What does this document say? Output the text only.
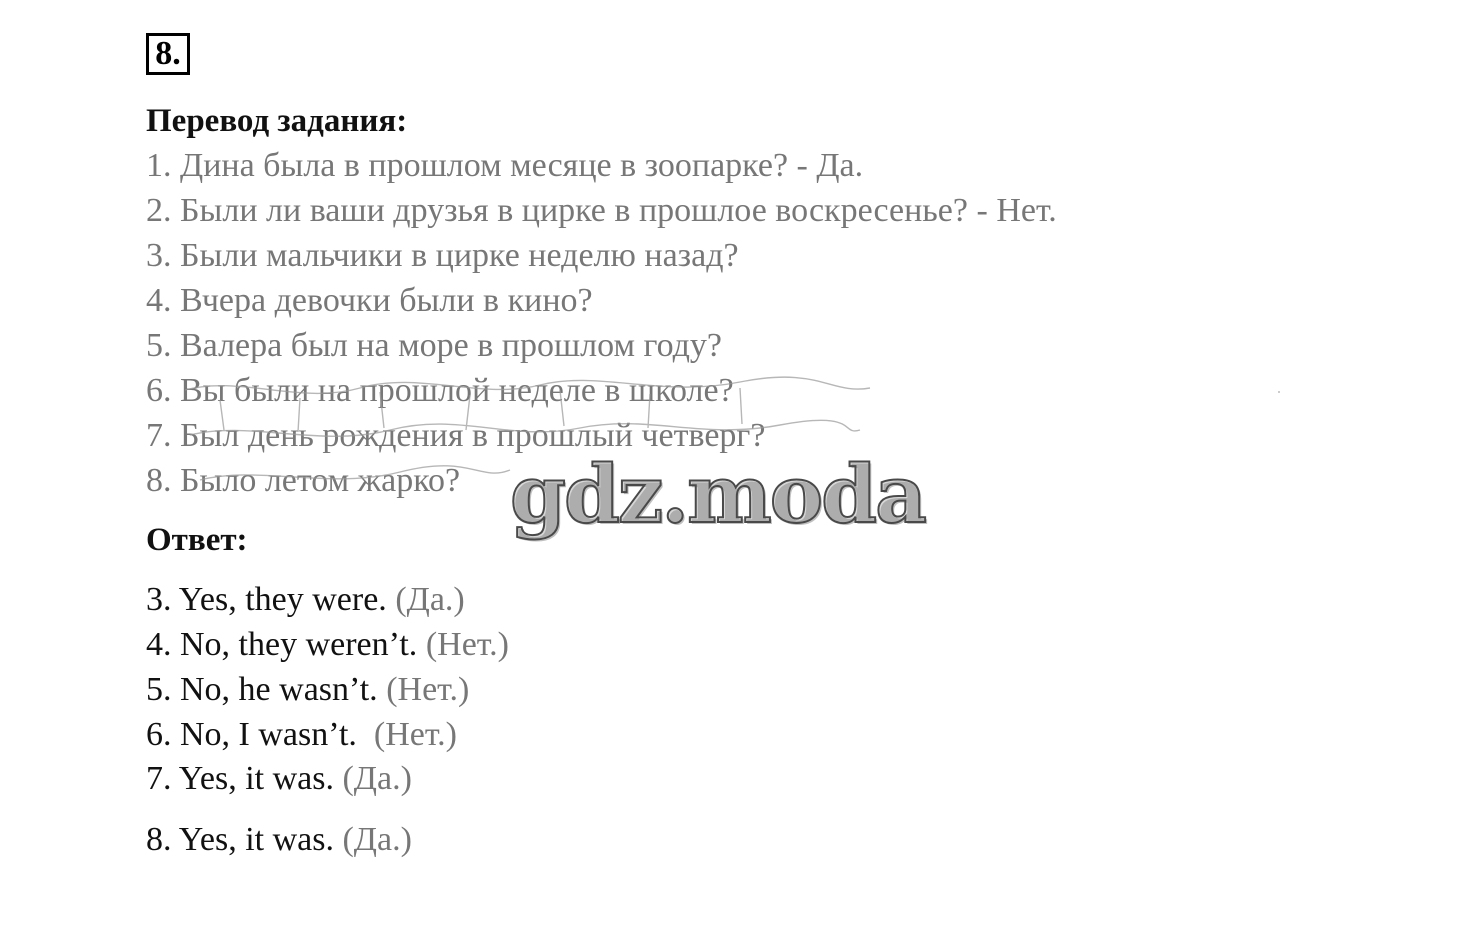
8.
Перевод задания:
1. Дина была в прошлом месяце в зоопарке? - Да.
2. Были ли ваши друзья в цирке в прошлое воскресенье? - Нет.
3. Были мальчики в цирке неделю назад?
4. Вчера девочки были в кино?
5. Валера был на море в прошлом году?
6. Вы были на прошлой неделе в школе?
7. Был день рождения в прошлый четверг?
8. Было летом жарко? gdz.moda
Ответ:
3. Yes, they were. (Да.)
4. No, they weren’t. (Нет.)
5. No, he wasn’t. (Нет.)
6. No, I wasn’t.  (Нет.)
7. Yes, it was. (Да.)
8. Yes, it was. (Да.)
